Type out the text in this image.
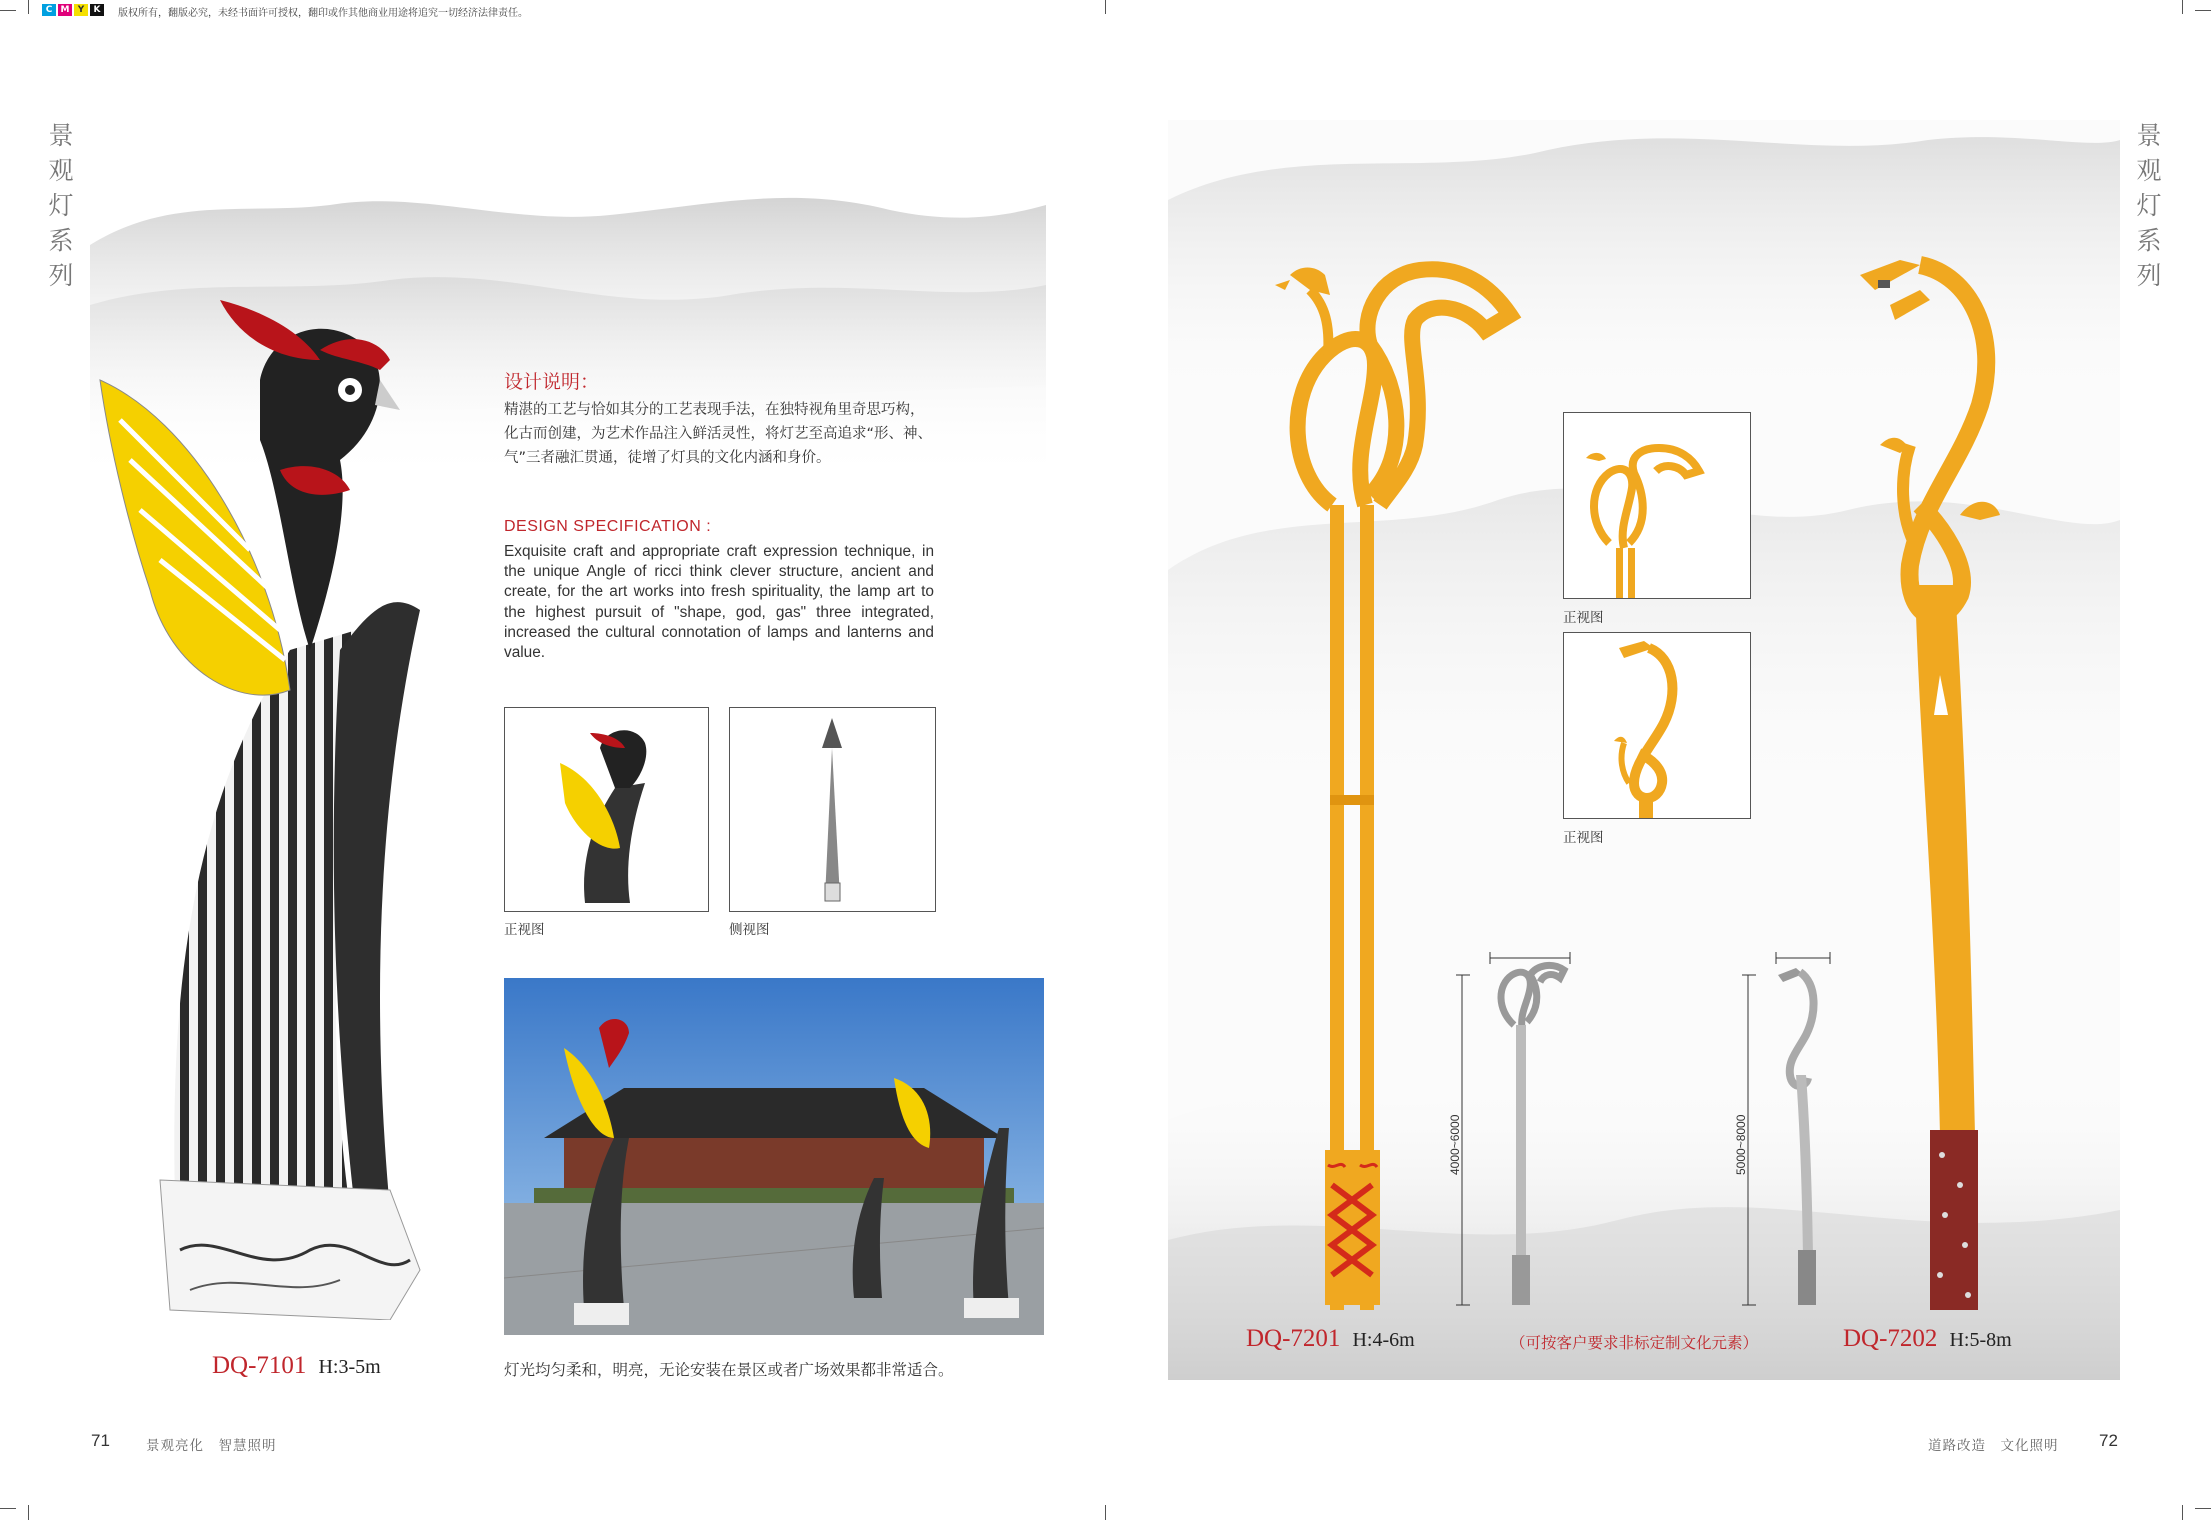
C M Y	K	版权所有，翻版必究，未经书面许可授权，翻印或作其他商业用途将追究一切经济法律责任。
景
观
灯
系
列
DQ-7101 H:3-5m
设计说明：
精湛的工艺与恰如其分的工艺表现手法，在独特视角里奇思巧构，化古而创建，为艺术作品注入鲜活灵性，将灯艺至高追求“形、神、气”三者融汇贯通，徒增了灯具的文化内涵和身价。
DESIGN SPECIFICATION :
Exquisite craft and appropriate craft expression technique, in the unique Angle of ricci think clever structure, ancient and create, for the art works into fresh spirituality, the lamp art to the highest pursuit of "shape, god, gas" three integrated, increased the cultural connotation of lamps and lanterns and value.
正视图	侧视图
灯光均匀柔和，明亮，无论安装在景区或者广场效果都非常适合。
71	景观亮化　智慧照明
景
观
灯
系
列
DQ-7201 H:4-6m	DQ-7202 H:5-8m
（可按客户要求非标定制文化元素）
正视图
正视图
4000~6000	5000~8000
道路改造　文化照明 72
